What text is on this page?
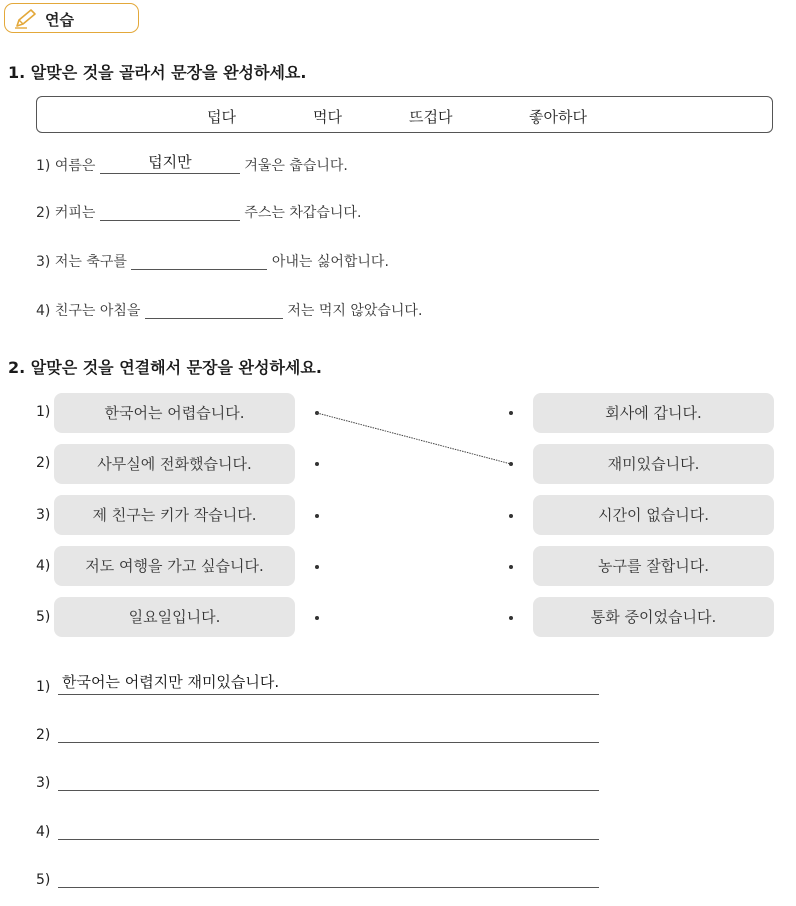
연습
1. 알맞은 것을 골라서 문장을 완성하세요.
덥다	먹다	뜨겁다	좋아하다
1) 여름은	덥지만	겨울은 춥습니다.
2) 커피는	주스는 차갑습니다.
3) 저는 축구를	아내는 싫어합니다.
4) 친구는 아침을	저는 먹지 않았습니다.
2. 알맞은 것을 연결해서 문장을 완성하세요.
1)	한국어는 어렵습니다.
2)	사무실에 전화했습니다.
3)	제 친구는 키가 작습니다.
4)	저도 여행을 가고 싶습니다.
5)	일요일입니다.
회사에 갑니다.
재미있습니다.
시간이 없습니다.
농구를 잘합니다.
통화 중이었습니다.
1) 한국어는 어렵지만 재미있습니다.
2)
3)
4)
5)
